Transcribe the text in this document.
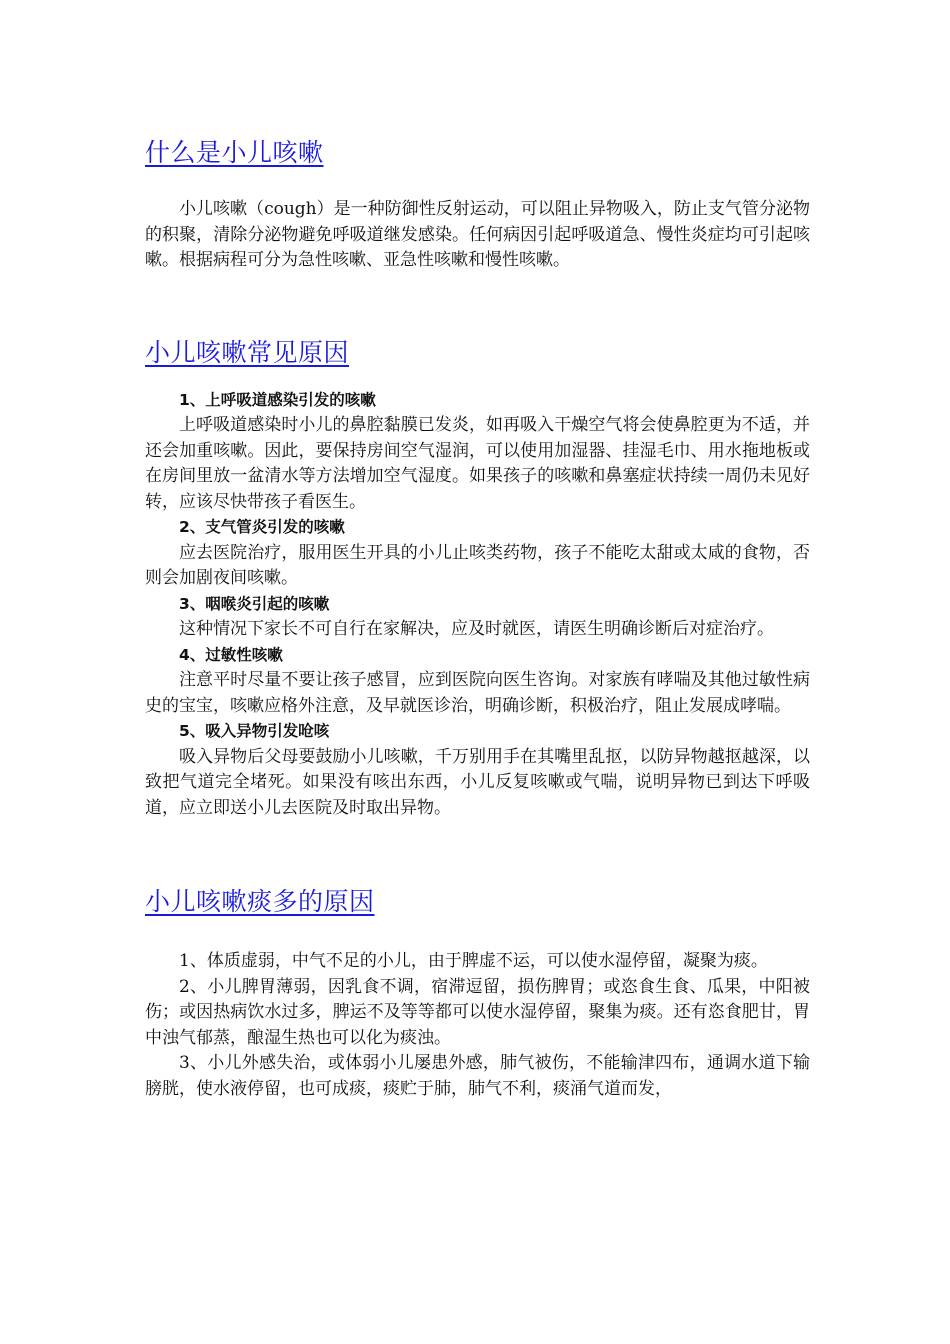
什么是小儿咳嗽

小儿咳嗽（cough）是一种防御性反射运动，可以阻止异物吸入，防止支气管分泌物的积聚，清除分泌物避免呼吸道继发感染。任何病因引起呼吸道急、慢性炎症均可引起咳嗽。根据病程可分为急性咳嗽、亚急性咳嗽和慢性咳嗽。

小儿咳嗽常见原因

1、上呼吸道感染引发的咳嗽

上呼吸道感染时小儿的鼻腔黏膜已发炎，如再吸入干燥空气将会使鼻腔更为不适，并还会加重咳嗽。因此，要保持房间空气湿润，可以使用加湿器、挂湿毛巾、用水拖地板或在房间里放一盆清水等方法增加空气湿度。如果孩子的咳嗽和鼻塞症状持续一周仍未见好转，应该尽快带孩子看医生。

2、支气管炎引发的咳嗽

应去医院治疗，服用医生开具的小儿止咳类药物，孩子不能吃太甜或太咸的食物，否则会加剧夜间咳嗽。

3、咽喉炎引起的咳嗽

这种情况下家长不可自行在家解决，应及时就医，请医生明确诊断后对症治疗。

4、过敏性咳嗽

注意平时尽量不要让孩子感冒，应到医院向医生咨询。对家族有哮喘及其他过敏性病史的宝宝，咳嗽应格外注意，及早就医诊治，明确诊断，积极治疗，阻止发展成哮喘。

5、吸入异物引发呛咳

吸入异物后父母要鼓励小儿咳嗽，千万别用手在其嘴里乱抠，以防异物越抠越深，以致把气道完全堵死。如果没有咳出东西，小儿反复咳嗽或气喘，说明异物已到达下呼吸道，应立即送小儿去医院及时取出异物。

小儿咳嗽痰多的原因

1、体质虚弱，中气不足的小儿，由于脾虚不运，可以使水湿停留，凝聚为痰。

2、小儿脾胃薄弱，因乳食不调，宿滞逗留，损伤脾胃；或恣食生食、瓜果，中阳被伤；或因热病饮水过多，脾运不及等等都可以使水湿停留，聚集为痰。还有恣食肥甘，胃中浊气郁蒸，酿湿生热也可以化为痰浊。

3、小儿外感失治，或体弱小儿屡患外感，肺气被伤，不能输津四布，通调水道下输膀胱，使水液停留，也可成痰，痰贮于肺，肺气不利，痰涌气道而发，
